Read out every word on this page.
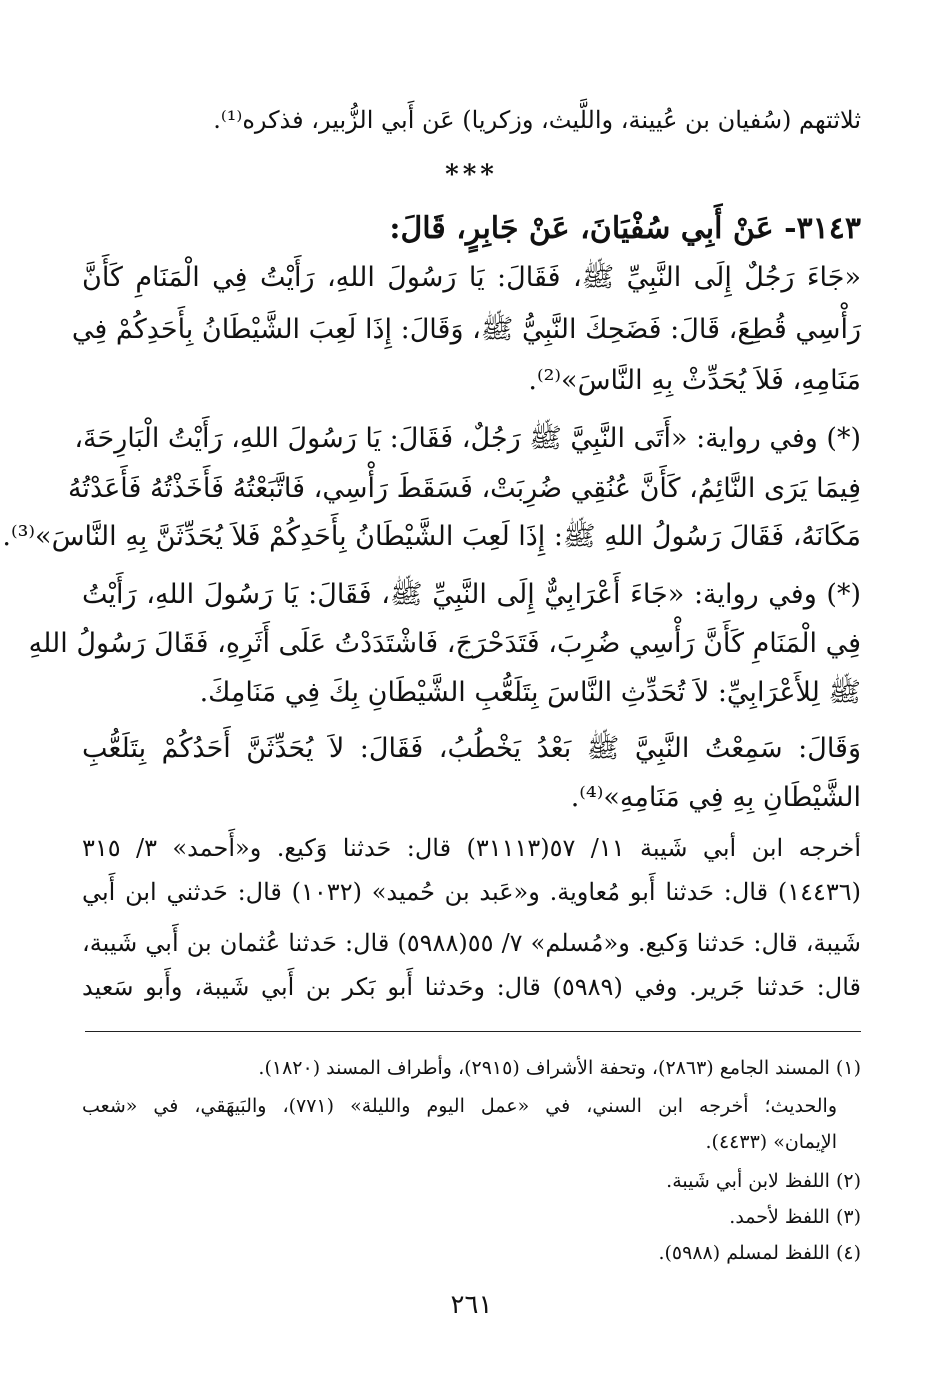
ثلاثتهم (سُفيان بن عُيينة، واللَّيث، وزكريا) عَن أَبي الزُّبير، فذكره⁽¹⁾.
***
٣١٤٣- عَنْ أَبِي سُفْيَانَ، عَنْ جَابِرٍ، قَالَ:
«جَاءَ رَجُلٌ إِلَى النَّبِيِّ ﷺ، فَقَالَ: يَا رَسُولَ اللهِ، رَأَيْتُ فِي الْمَنَامِ كَأَنَّ
رَأْسِي قُطِعَ، قَالَ: فَضَحِكَ النَّبِيُّ ﷺ، وَقَالَ: إِذَا لَعِبَ الشَّيْطَانُ بِأَحَدِكُمْ فِي
مَنَامِهِ، فَلاَ يُحَدِّثْ بِهِ النَّاسَ»⁽²⁾.
(*) وفي رواية: «أَتَى النَّبِيَّ ﷺ رَجُلٌ، فَقَالَ: يَا رَسُولَ اللهِ، رَأَيْتُ الْبَارِحَةَ،
فِيمَا يَرَى النَّائِمُ، كَأَنَّ عُنُقِي ضُرِبَتْ، فَسَقَطَ رَأْسِي، فَاتَّبَعْتُهُ فَأَخَذْتُهُ فَأَعَدْتُهُ
مَكَانَهُ، فَقَالَ رَسُولُ اللهِ ﷺ: إِذَا لَعِبَ الشَّيْطَانُ بِأَحَدِكُمْ فَلاَ يُحَدِّثَنَّ بِهِ النَّاسَ»⁽³⁾.
(*) وفي رواية: «جَاءَ أَعْرَابِيٌّ إِلَى النَّبِيِّ ﷺ، فَقَالَ: يَا رَسُولَ اللهِ، رَأَيْتُ
فِي الْمَنَامِ كَأَنَّ رَأْسِي ضُرِبَ، فَتَدَحْرَجَ، فَاشْتَدَدْتُ عَلَى أَثَرِهِ، فَقَالَ رَسُولُ اللهِ
ﷺ لِلأَعْرَابِيِّ: لاَ تُحَدِّثِ النَّاسَ بِتَلَعُّبِ الشَّيْطَانِ بِكَ فِي مَنَامِكَ.
وَقَالَ: سَمِعْتُ النَّبِيَّ ﷺ بَعْدُ يَخْطُبُ، فَقَالَ: لاَ يُحَدِّثَنَّ أَحَدُكُمْ بِتَلَعُّبِ
الشَّيْطَانِ بِهِ فِي مَنَامِهِ»⁽⁴⁾.
أخرجه ابن أبي شَيبة ١١/ ٥٧(٣١١١٣) قال: حَدثنا وَكيع. و«أَحمد» ٣/ ٣١٥
(١٤٤٣٦) قال: حَدثنا أَبو مُعاوية. و«عَبد بن حُميد» (١٠٣٢) قال: حَدثني ابن أَبي
شَيبة، قال: حَدثنا وَكيع. و«مُسلم» ٧/ ٥٥(٥٩٨٨) قال: حَدثنا عُثمان بن أَبي شَيبة،
قال: حَدثنا جَرير. وفي (٥٩٨٩) قال: وحَدثنا أَبو بَكر بن أَبي شَيبة، وأَبو سَعيد
(١) المسند الجامع (٢٨٦٣)، وتحفة الأشراف (٢٩١٥)، وأطراف المسند (١٨٢٠).
والحديث؛ أخرجه ابن السني، في «عمل اليوم والليلة» (٧٧١)، والبَيهَقي، في «شعب
الإيمان» (٤٤٣٣).
(٢) اللفظ لابن أبي شَيبة.
(٣) اللفظ لأحمد.
(٤) اللفظ لمسلم (٥٩٨٨).
٢٦١
